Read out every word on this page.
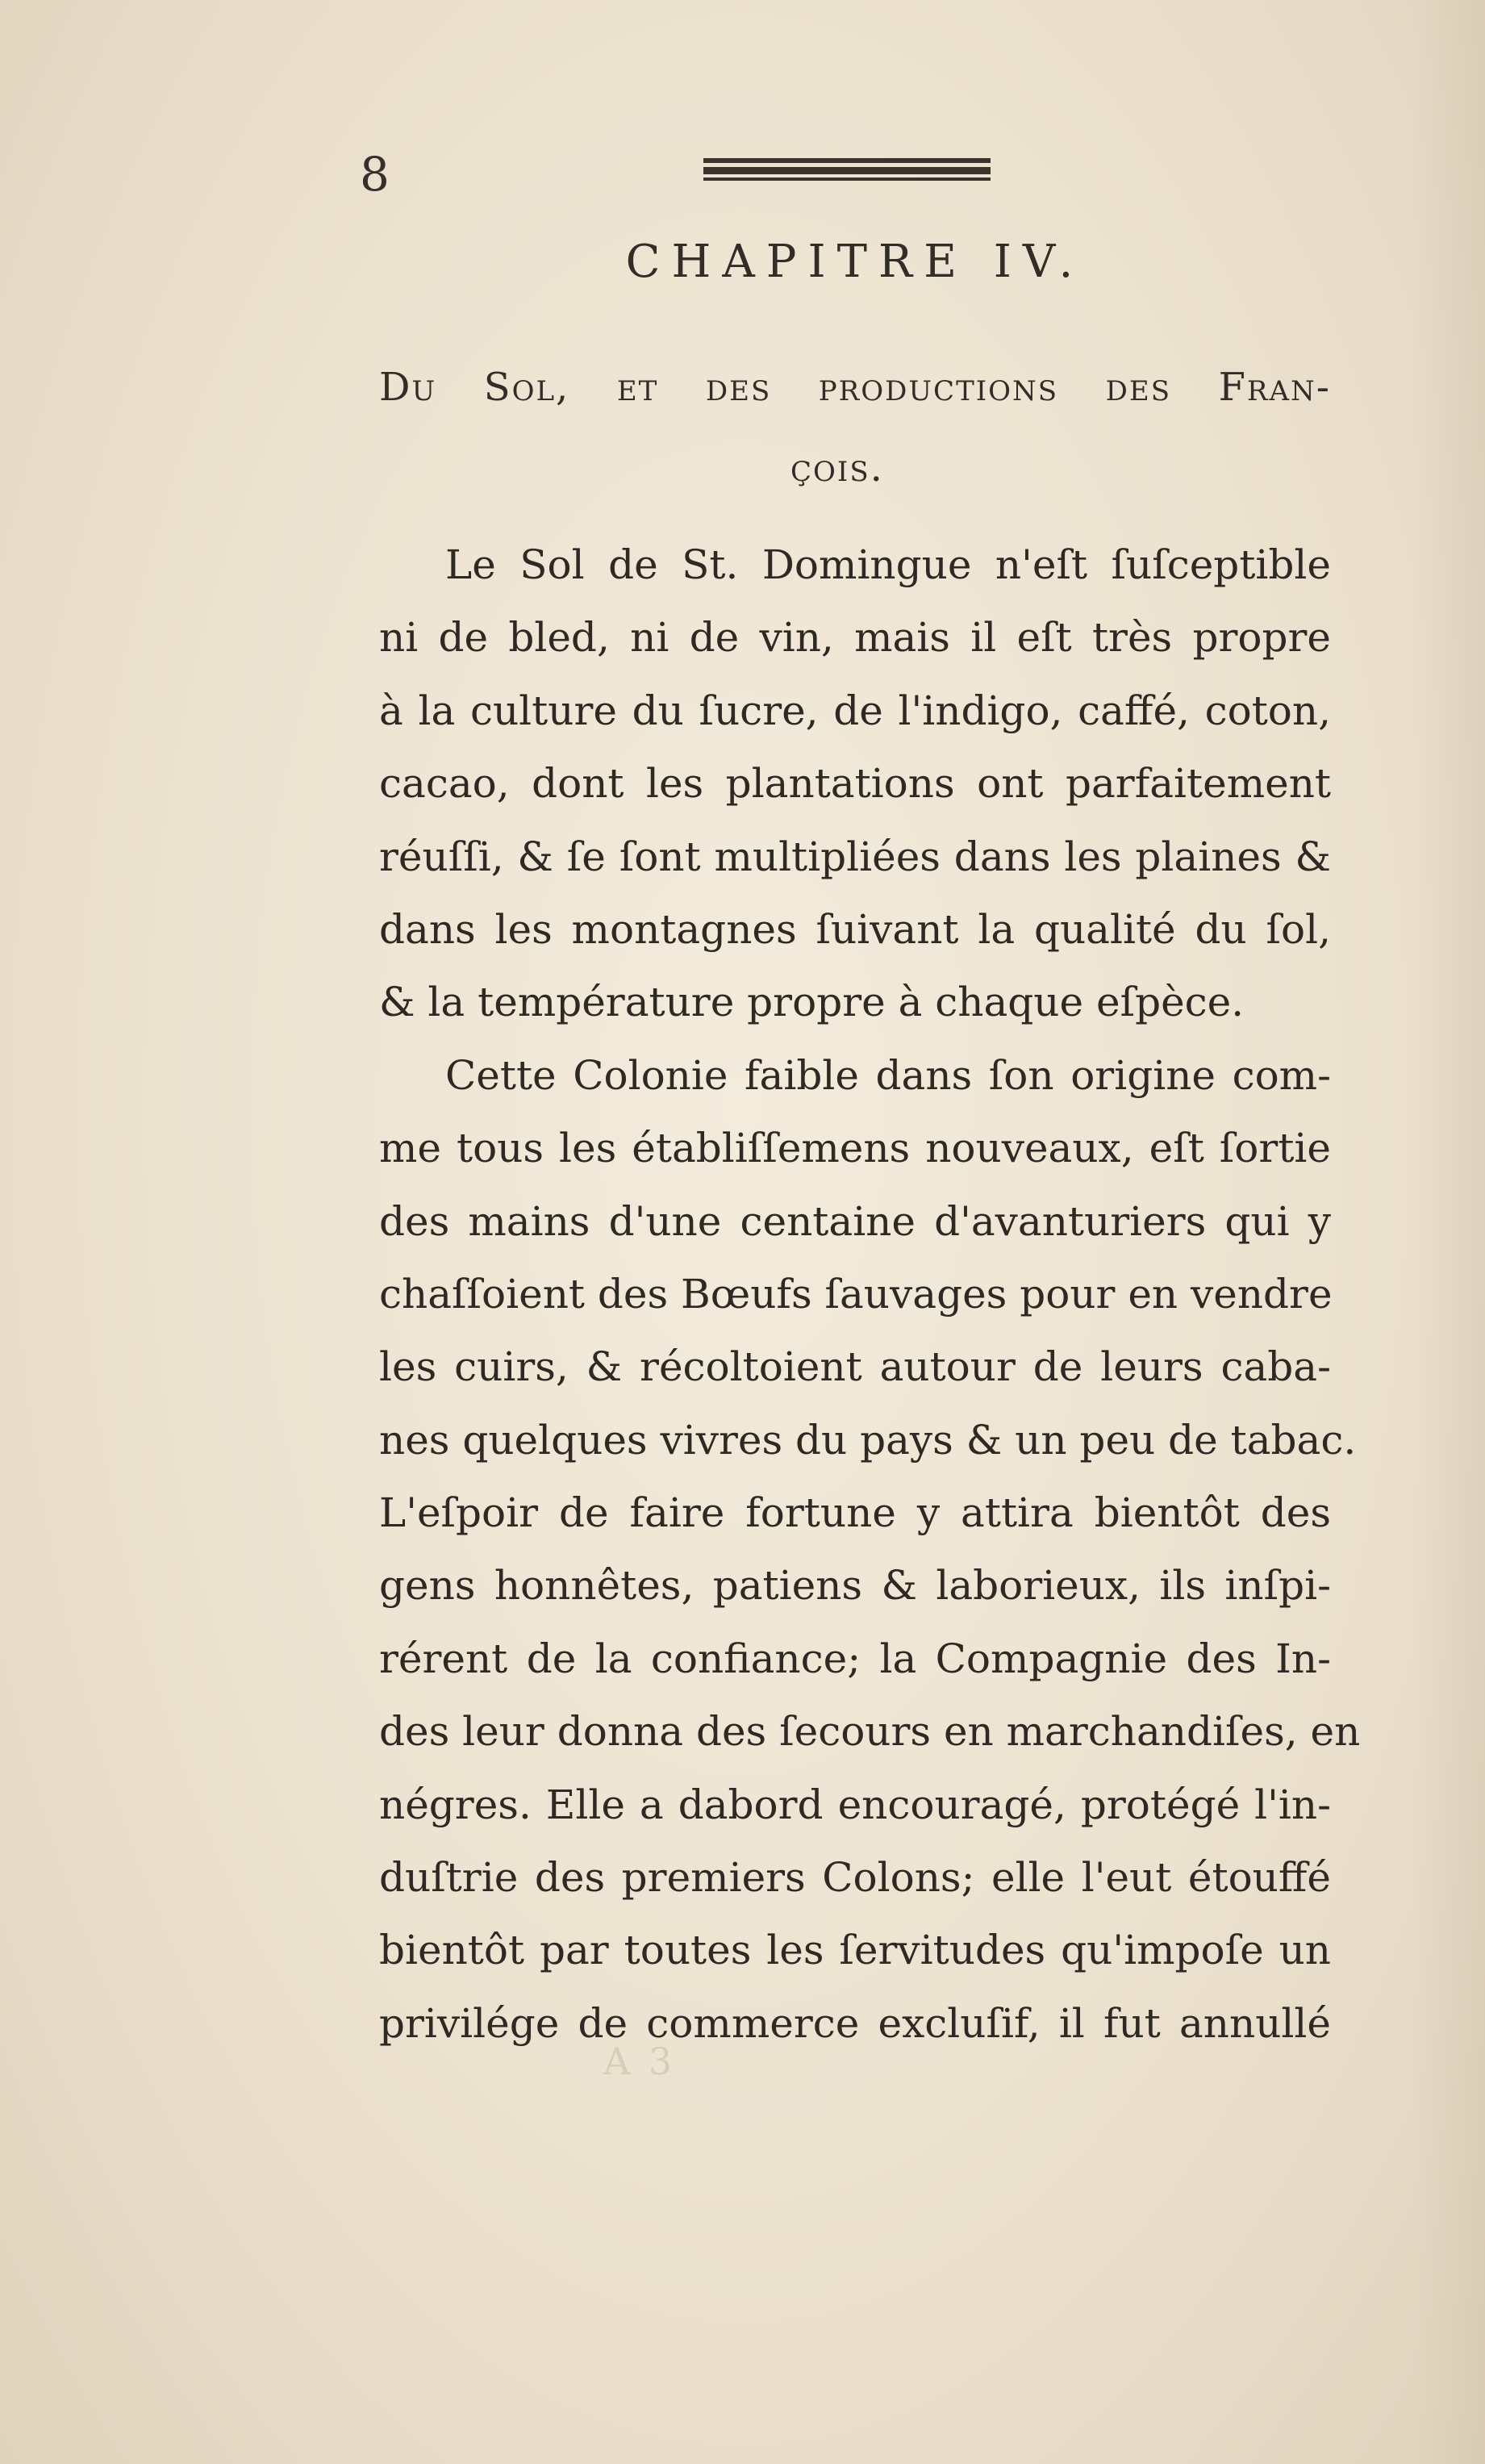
8
CHAPITRE IV.
Du Sol, et des productions des Fran-
çois.
Le Sol de St. Domingue n'eſt ſuſceptible
ni de bled, ni de vin, mais il eſt très propre
à la culture du ſucre, de l'indigo, caffé, coton,
cacao, dont les plantations ont parfaitement
réuſſi, & ſe ſont multipliées dans les plaines &
dans les montagnes ſuivant la qualité du ſol,
& la température propre à chaque eſpèce.
Cette Colonie faible dans ſon origine com-
me tous les établiſſemens nouveaux, eſt ſortie
des mains d'une centaine d'avanturiers qui y
chaſſoient des Bœufs ſauvages pour en vendre
les cuirs, & récoltoient autour de leurs caba-
nes quelques vivres du pays & un peu de tabac.
L'eſpoir de faire fortune y attira bientôt des
gens honnêtes, patiens & laborieux, ils inſpi-
rérent de la confiance; la Compagnie des In-
des leur donna des ſecours en marchandiſes, en
négres. Elle a dabord encouragé, protégé l'in-
duſtrie des premiers Colons; elle l'eut étouffé
bientôt par toutes les ſervitudes qu'impoſe un
privilége de commerce excluſif, il fut annullé
A 3
